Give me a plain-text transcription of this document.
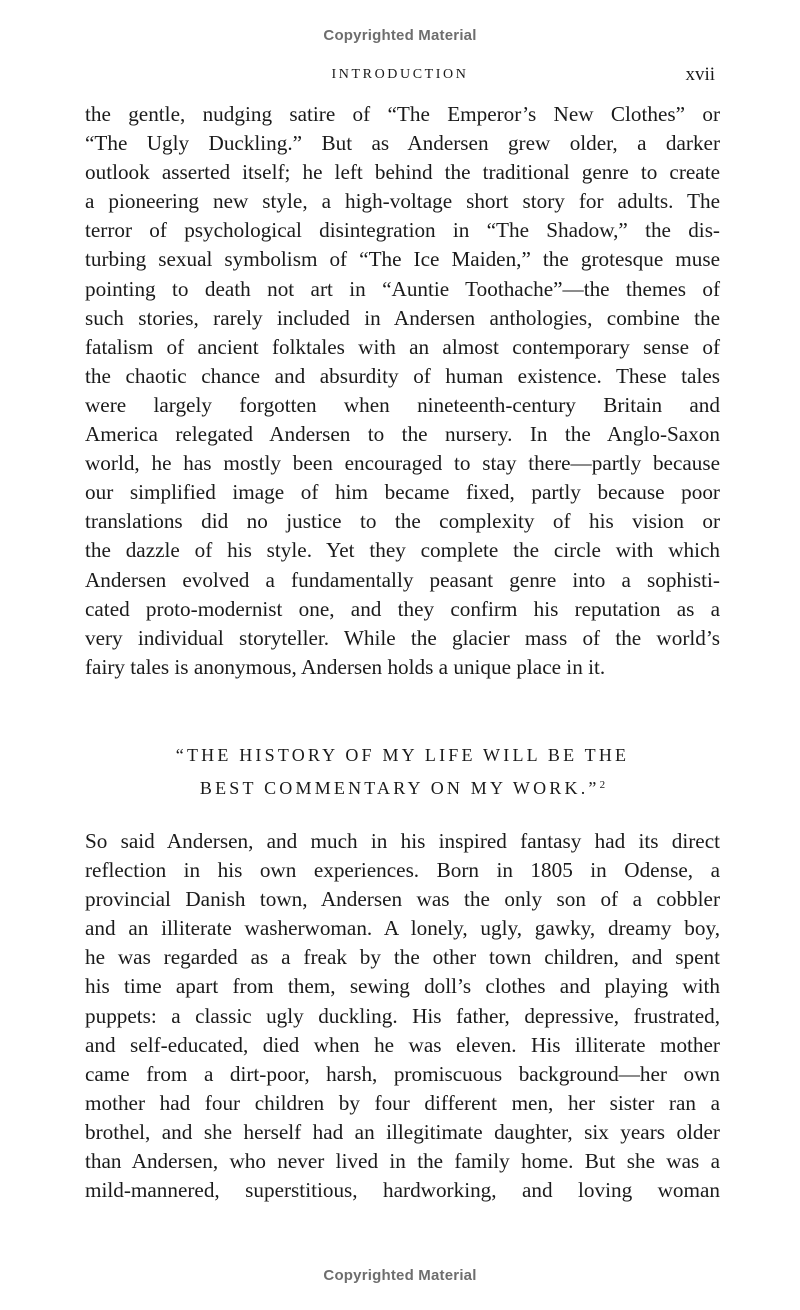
Copyrighted Material
INTRODUCTION	xvii
the gentle, nudging satire of “The Emperor’s New Clothes” or
“The Ugly Duckling.” But as Andersen grew older, a darker
outlook asserted itself; he left behind the traditional genre to create
a pioneering new style, a high-voltage short story for adults. The
terror of psychological disintegration in “The Shadow,” the dis-
turbing sexual symbolism of “The Ice Maiden,” the grotesque muse
pointing to death not art in “Auntie Toothache”—the themes of
such stories, rarely included in Andersen anthologies, combine the
fatalism of ancient folktales with an almost contemporary sense of
the chaotic chance and absurdity of human existence. These tales
were largely forgotten when nineteenth-century Britain and
America relegated Andersen to the nursery. In the Anglo-Saxon
world, he has mostly been encouraged to stay there—partly because
our simplified image of him became fixed, partly because poor
translations did no justice to the complexity of his vision or
the dazzle of his style. Yet they complete the circle with which
Andersen evolved a fundamentally peasant genre into a sophisti-
cated proto-modernist one, and they confirm his reputation as a
very individual storyteller. While the glacier mass of the world’s
fairy tales is anonymous, Andersen holds a unique place in it.
“THE HISTORY OF MY LIFE WILL BE THE
BEST COMMENTARY ON MY WORK.”$^2$
So said Andersen, and much in his inspired fantasy had its direct
reflection in his own experiences. Born in 1805 in Odense, a
provincial Danish town, Andersen was the only son of a cobbler
and an illiterate washerwoman. A lonely, ugly, gawky, dreamy boy,
he was regarded as a freak by the other town children, and spent
his time apart from them, sewing doll’s clothes and playing with
puppets: a classic ugly duckling. His father, depressive, frustrated,
and self-educated, died when he was eleven. His illiterate mother
came from a dirt-poor, harsh, promiscuous background—her own
mother had four children by four different men, her sister ran a
brothel, and she herself had an illegitimate daughter, six years older
than Andersen, who never lived in the family home. But she was a
mild-mannered, superstitious, hardworking, and loving woman
Copyrighted Material
